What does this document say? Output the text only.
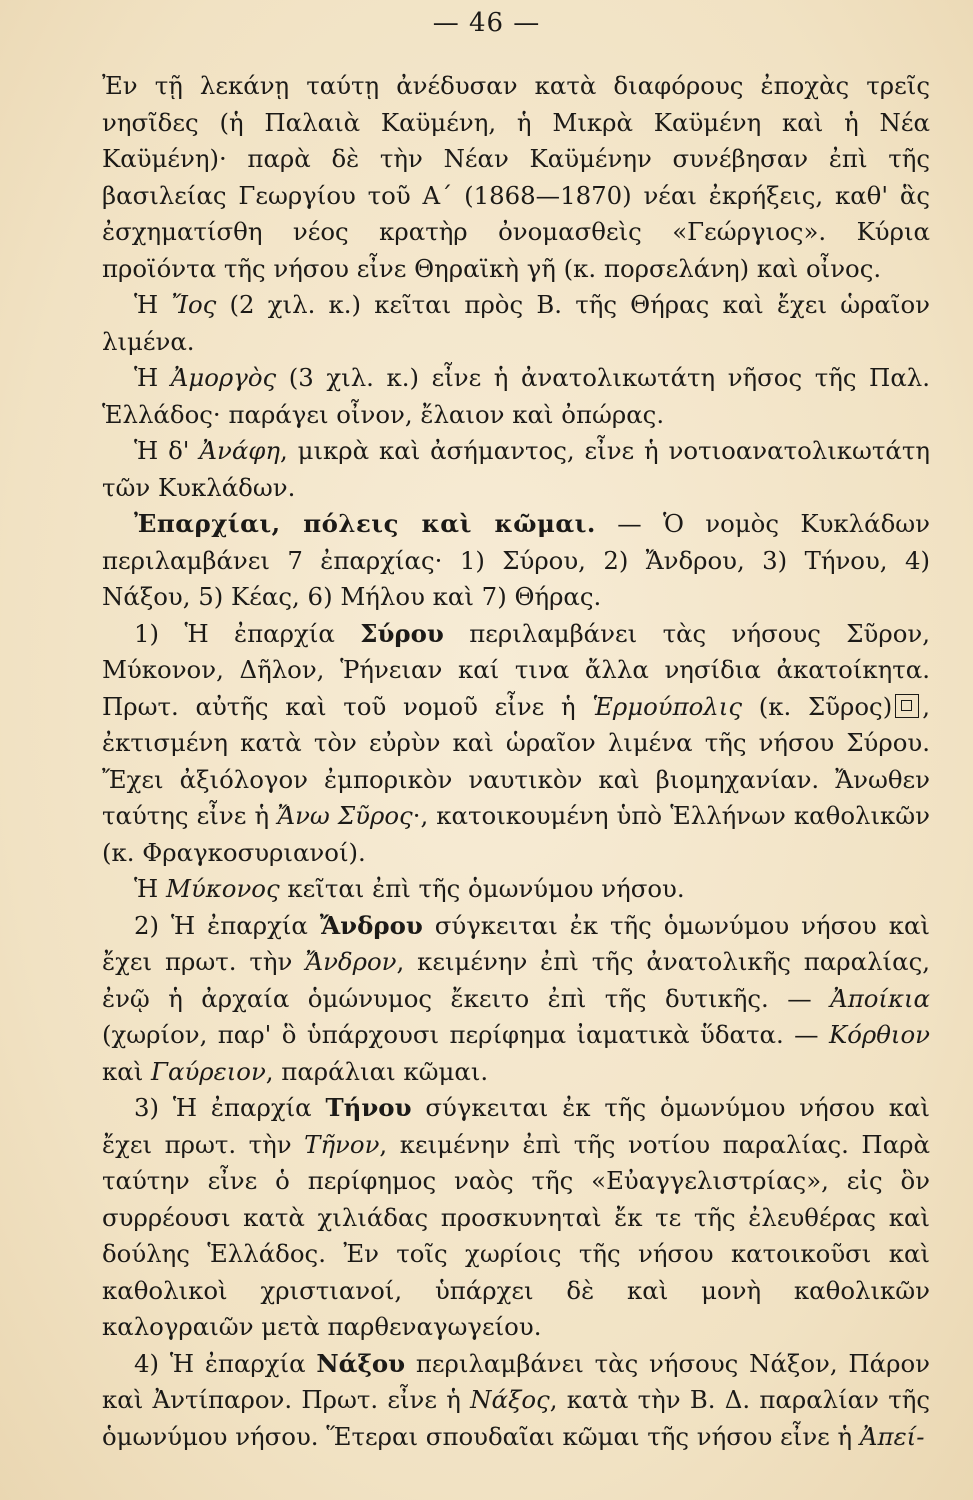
— 46 —

Ἐν τῇ λεκάνῃ ταύτῃ ἀνέδυσαν κατὰ διαφόρους ἐποχὰς τρεῖς νησῖδες (ἡ Παλαιὰ Καϋμένη, ἡ Μικρὰ Καϋμένη καὶ ἡ Νέα Καϋμένη)· παρὰ δὲ τὴν Νέαν Καϋμένην συνέβησαν ἐπὶ τῆς βασιλείας Γεωργίου τοῦ Α΄ (1868—1870) νέαι ἐκρήξεις, καθ' ἃς ἐσχηματίσθη νέος κρατὴρ ὀνομασθεὶς «Γεώργιος». Κύρια προϊόντα τῆς νήσου εἶνε Θηραϊκὴ γῆ (κ. πορσελάνη) καὶ οἶνος.

Ἡ Ἴος (2 χιλ. κ.) κεῖται πρὸς Β. τῆς Θήρας καὶ ἔχει ὡραῖον λιμένα.

Ἡ Ἀμοργὸς (3 χιλ. κ.) εἶνε ἡ ἀνατολικωτάτη νῆσος τῆς Παλ. Ἑλλάδος· παράγει οἶνον, ἔλαιον καὶ ὀπώρας.

Ἡ δ' Ἀνάφη, μικρὰ καὶ ἀσήμαντος, εἶνε ἡ νοτιοανατολικωτάτη τῶν Κυκλάδων.

Ἐπαρχίαι, πόλεις καὶ κῶμαι. — Ὁ νομὸς Κυκλάδων περιλαμβάνει 7 ἐπαρχίας· 1) Σύρου, 2) Ἄνδρου, 3) Τήνου, 4) Νάξου, 5) Κέας, 6) Μήλου καὶ 7) Θήρας.

1) Ἡ ἐπαρχία Σύρου περιλαμβάνει τὰς νήσους Σῦρον, Μύκονον, Δῆλον, Ῥήνειαν καί τινα ἄλλα νησίδια ἀκατοίκητα. Πρωτ. αὐτῆς καὶ τοῦ νομοῦ εἶνε ἡ Ἑρμούπολις (κ. Σῦρος) , ἐκτισμένη κατὰ τὸν εὐρὺν καὶ ὡραῖον λιμένα τῆς νήσου Σύρου. Ἔχει ἀξιόλογον ἐμπορικὸν ναυτικὸν καὶ βιομηχανίαν. Ἄνωθεν ταύτης εἶνε ἡ Ἄνω Σῦρος·, κατοικουμένη ὑπὸ Ἑλλήνων καθολικῶν (κ. Φραγκοσυριανοί).

Ἡ Μύκονος κεῖται ἐπὶ τῆς ὁμωνύμου νήσου.

2) Ἡ ἐπαρχία Ἄνδρου σύγκειται ἐκ τῆς ὁμωνύμου νήσου καὶ ἔχει πρωτ. τὴν Ἄνδρον, κειμένην ἐπὶ τῆς ἀνατολικῆς παραλίας, ἐνῷ ἡ ἀρχαία ὁμώνυμος ἔκειτο ἐπὶ τῆς δυτικῆς. — Ἀποίκια (χωρίον, παρ' ὃ ὑπάρχουσι περίφημα ἰαματικὰ ὕδατα. — Κόρθιον καὶ Γαύρειον, παράλιαι κῶμαι.

3) Ἡ ἐπαρχία Τήνου σύγκειται ἐκ τῆς ὁμωνύμου νήσου καὶ ἔχει πρωτ. τὴν Τῆνον, κειμένην ἐπὶ τῆς νοτίου παραλίας. Παρὰ ταύτην εἶνε ὁ περίφημος ναὸς τῆς «Εὐαγγελιστρίας», εἰς ὃν συρρέουσι κατὰ χιλιάδας προσκυνηταὶ ἔκ τε τῆς ἐλευθέρας καὶ δούλης Ἑλλάδος. Ἐν τοῖς χωρίοις τῆς νήσου κατοικοῦσι καὶ καθολικοὶ χριστιανοί, ὑπάρχει δὲ καὶ μονὴ καθολικῶν καλογραιῶν μετὰ παρθεναγωγείου.

4) Ἡ ἐπαρχία Νάξου περιλαμβάνει τὰς νήσους Νάξον, Πάρον καὶ Ἀντίπαρον. Πρωτ. εἶνε ἡ Νάξος, κατὰ τὴν Β. Δ. παραλίαν τῆς ὁμωνύμου νήσου. Ἕτεραι σπουδαῖαι κῶμαι τῆς νήσου εἶνε ἡ Ἀπεί-
